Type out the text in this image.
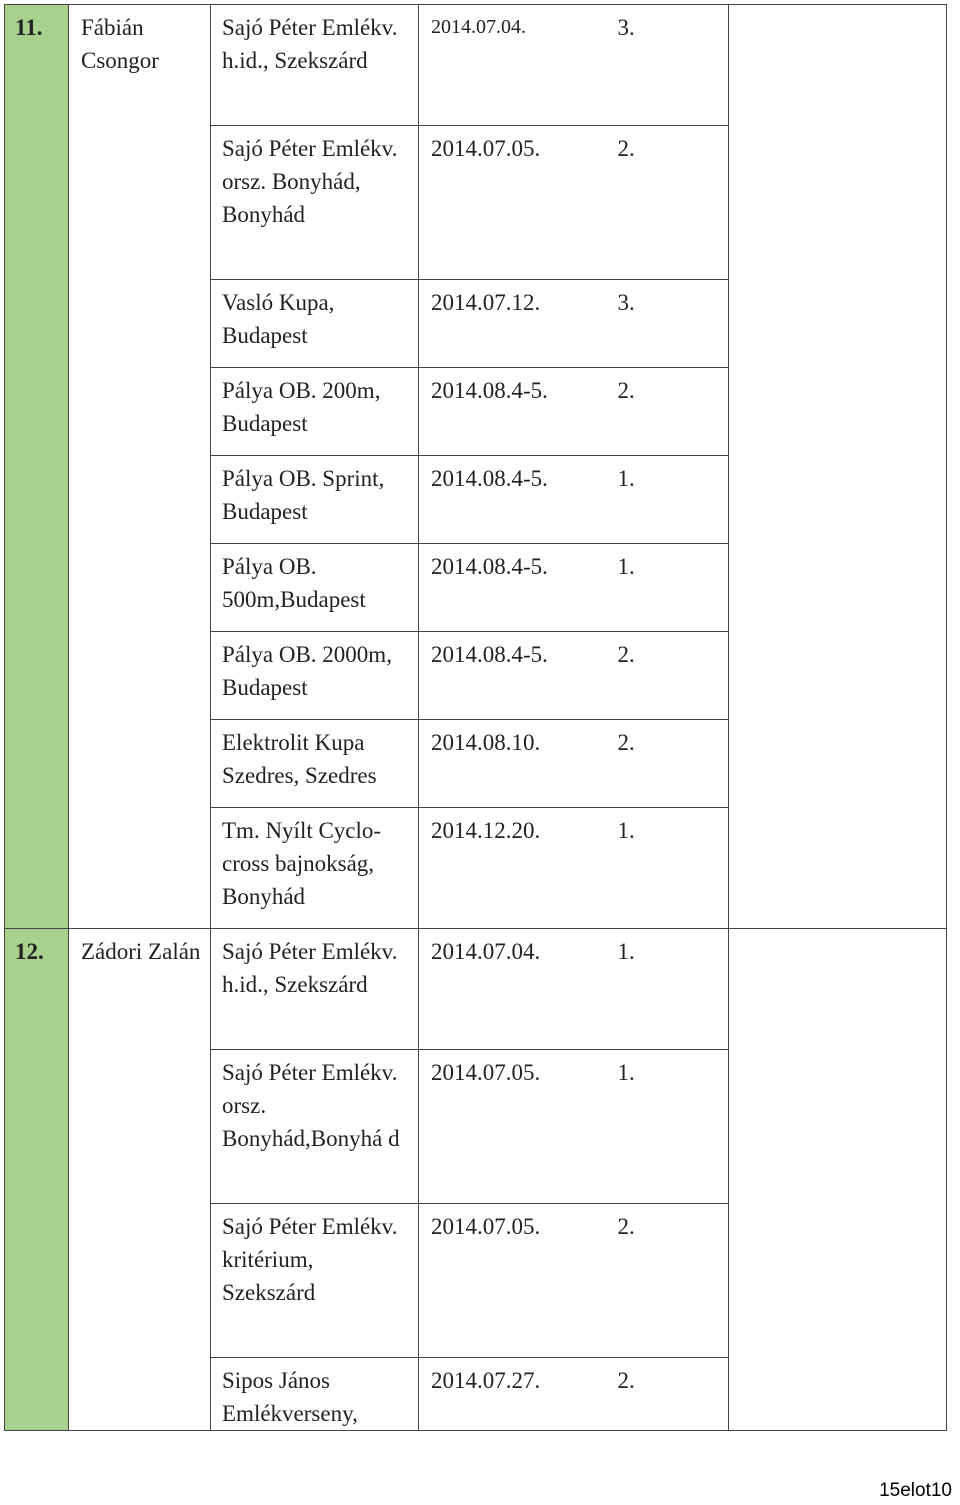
11.	Fábián Csongor	Sajó Péter Emlékv. h.id., Szekszárd	2014.07.04.	3.	
		Sajó Péter Emlékv. orsz. Bonyhád, Bonyhád	2014.07.05.	2.	
		Vasló Kupa, Budapest	2014.07.12.	3.	
		Pálya OB. 200m, Budapest	2014.08.4-5.	2.	
		Pálya OB. Sprint, Budapest	2014.08.4-5.	1.	
		Pálya OB. 500m,Budapest	2014.08.4-5.	1.	
		Pálya OB. 2000m, Budapest	2014.08.4-5.	2.	
		Elektrolit Kupa Szedres, Szedres	2014.08.10.	2.	
		Tm. Nyílt Cyclo-cross bajnokság, Bonyhád	2014.12.20.	1.	
12.	Zádori Zalán	Sajó Péter Emlékv. h.id., Szekszárd	2014.07.04.	1.	
		Sajó Péter Emlékv. orsz. Bonyhád,Bonyhá d	2014.07.05.	1.	
		Sajó Péter Emlékv. kritérium, Szekszárd	2014.07.05.	2.	
		Sipos János Emlékverseny,	2014.07.27.	2.	
15elot10
